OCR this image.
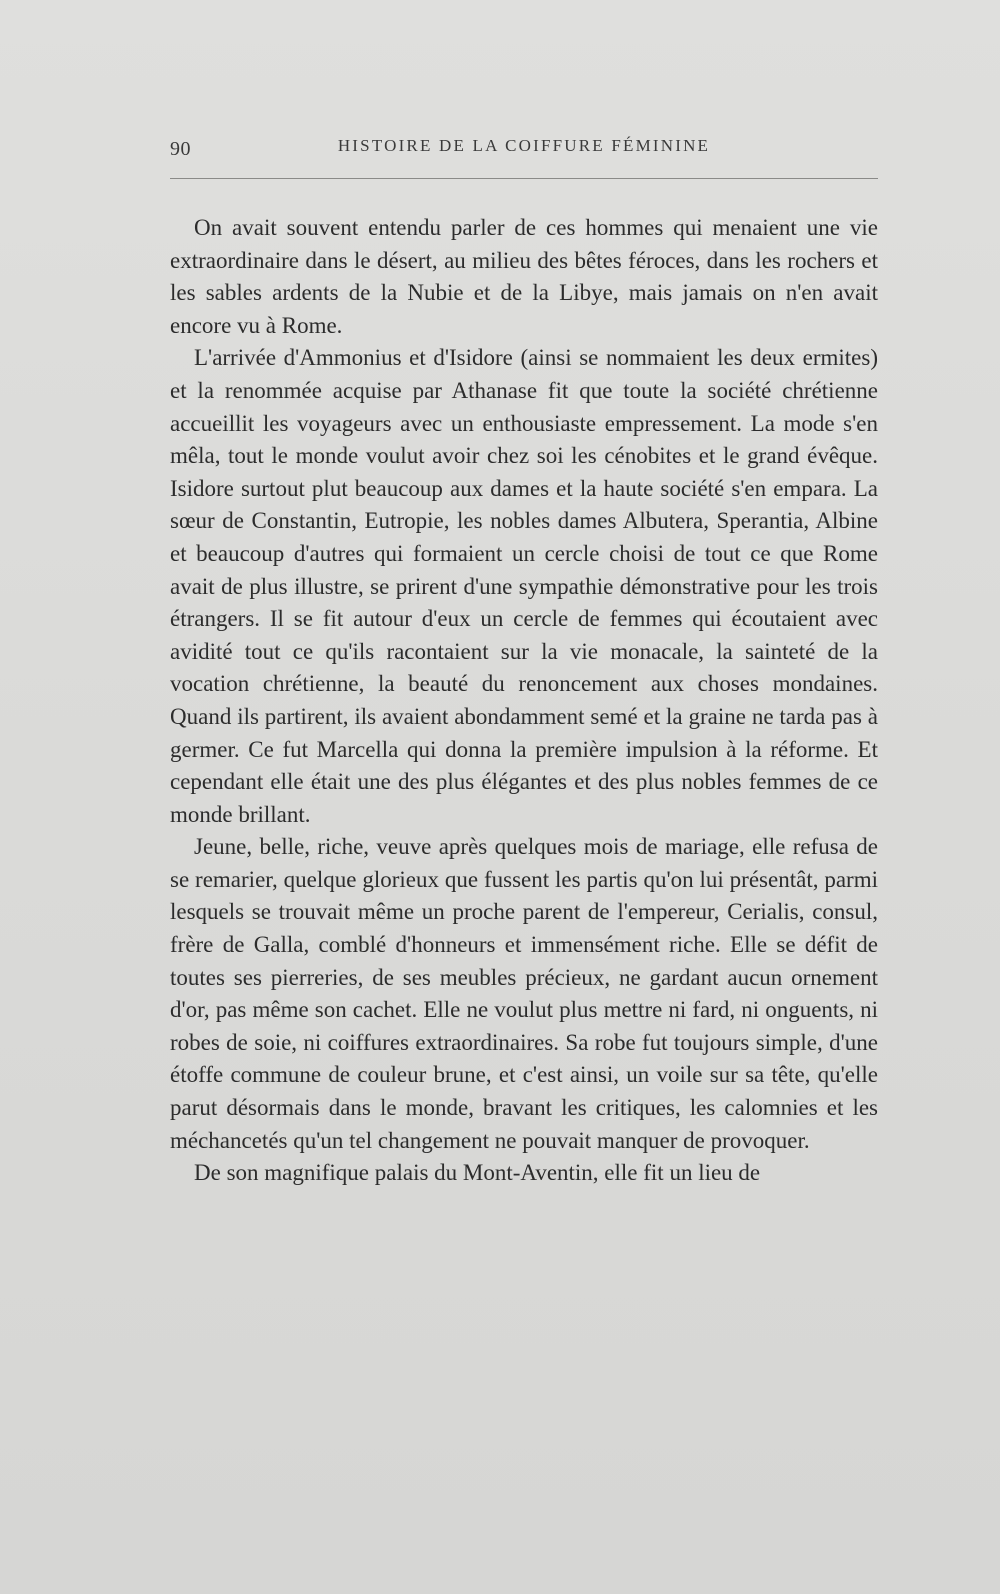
90	HISTOIRE DE LA COIFFURE FÉMININE

On avait souvent entendu parler de ces hommes qui menaient une vie extraordinaire dans le désert, au milieu des bêtes féroces, dans les rochers et les sables ardents de la Nubie et de la Libye, mais jamais on n'en avait encore vu à Rome.

L'arrivée d'Ammonius et d'Isidore (ainsi se nommaient les deux ermites) et la renommée acquise par Athanase fit que toute la société chrétienne accueillit les voyageurs avec un enthousiaste empressement. La mode s'en mêla, tout le monde voulut avoir chez soi les cénobites et le grand évêque. Isidore surtout plut beaucoup aux dames et la haute société s'en empara. La sœur de Constantin, Eutropie, les nobles dames Albutera, Sperantia, Albine et beaucoup d'autres qui formaient un cercle choisi de tout ce que Rome avait de plus illustre, se prirent d'une sympathie démonstrative pour les trois étrangers. Il se fit autour d'eux un cercle de femmes qui écoutaient avec avidité tout ce qu'ils racontaient sur la vie monacale, la sainteté de la vocation chrétienne, la beauté du renoncement aux choses mondaines. Quand ils partirent, ils avaient abondamment semé et la graine ne tarda pas à germer. Ce fut Marcella qui donna la première impulsion à la réforme. Et cependant elle était une des plus élégantes et des plus nobles femmes de ce monde brillant.

Jeune, belle, riche, veuve après quelques mois de mariage, elle refusa de se remarier, quelque glorieux que fussent les partis qu'on lui présentât, parmi lesquels se trouvait même un proche parent de l'empereur, Cerialis, consul, frère de Galla, comblé d'honneurs et immensément riche. Elle se défit de toutes ses pierreries, de ses meubles précieux, ne gardant aucun ornement d'or, pas même son cachet. Elle ne voulut plus mettre ni fard, ni onguents, ni robes de soie, ni coiffures extraordinaires. Sa robe fut toujours simple, d'une étoffe commune de couleur brune, et c'est ainsi, un voile sur sa tête, qu'elle parut désormais dans le monde, bravant les critiques, les calomnies et les méchancetés qu'un tel changement ne pouvait manquer de provoquer.

De son magnifique palais du Mont-Aventin, elle fit un lieu de
